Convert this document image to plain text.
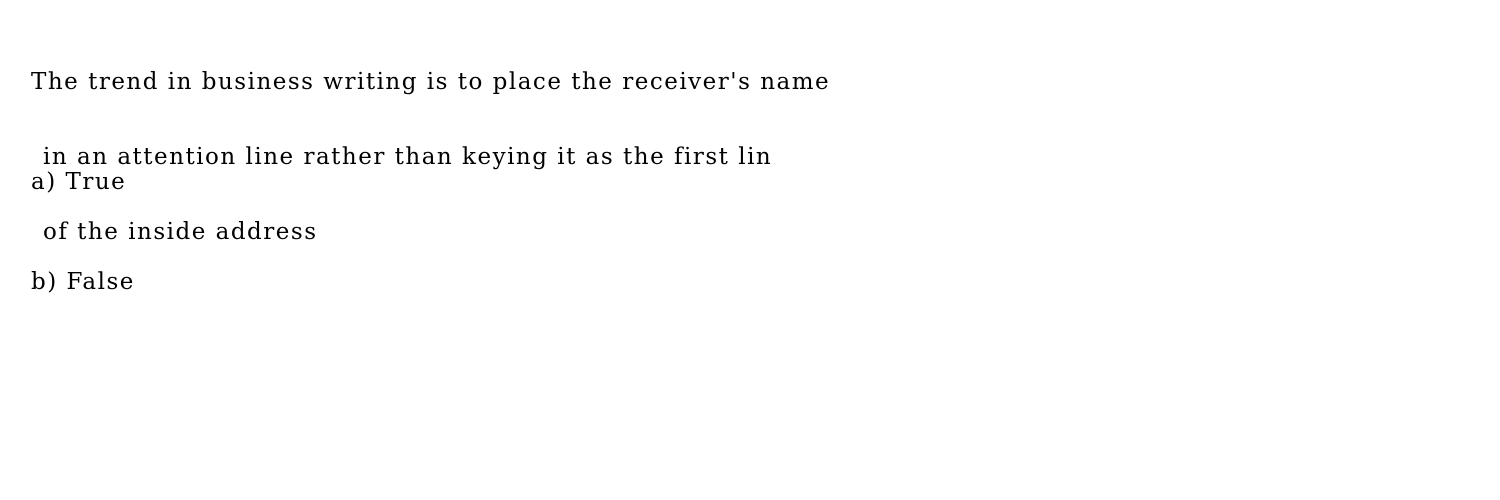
The trend in business writing is to place the receiver's name

in an attention line rather than keying it as the first lin

of the inside address

a) True

b) False
